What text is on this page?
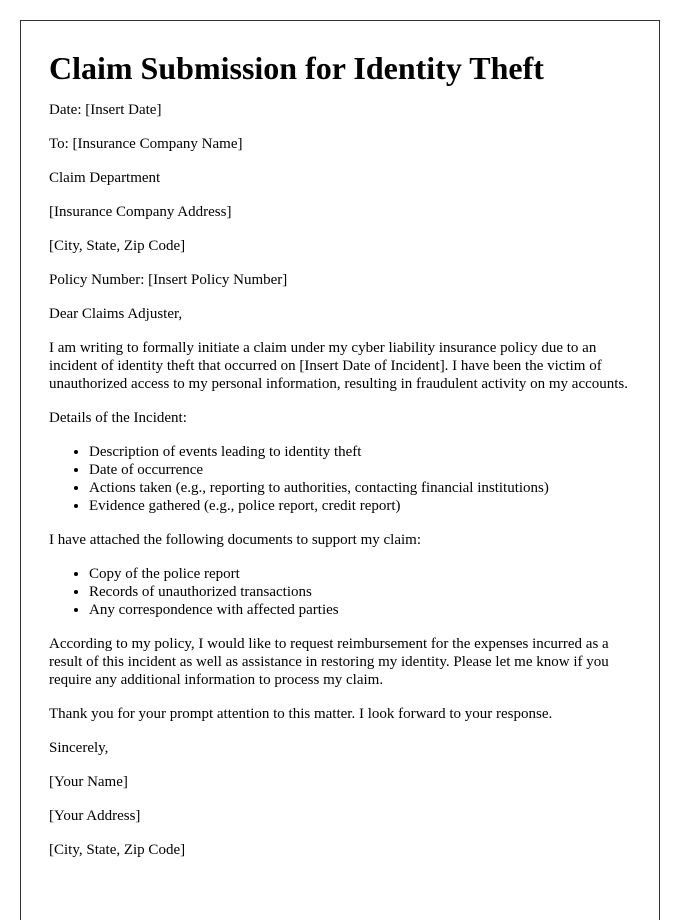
Claim Submission for Identity Theft

Date: [Insert Date]

To: [Insurance Company Name]

Claim Department

[Insurance Company Address]

[City, State, Zip Code]

Policy Number: [Insert Policy Number]

Dear Claims Adjuster,

I am writing to formally initiate a claim under my cyber liability insurance policy due to an incident of identity theft that occurred on [Insert Date of Incident]. I have been the victim of unauthorized access to my personal information, resulting in fraudulent activity on my accounts.

Details of the Incident:

• Description of events leading to identity theft
• Date of occurrence
• Actions taken (e.g., reporting to authorities, contacting financial institutions)
• Evidence gathered (e.g., police report, credit report)

I have attached the following documents to support my claim:

• Copy of the police report
• Records of unauthorized transactions
• Any correspondence with affected parties

According to my policy, I would like to request reimbursement for the expenses incurred as a result of this incident as well as assistance in restoring my identity. Please let me know if you require any additional information to process my claim.

Thank you for your prompt attention to this matter. I look forward to your response.

Sincerely,

[Your Name]

[Your Address]

[City, State, Zip Code]
